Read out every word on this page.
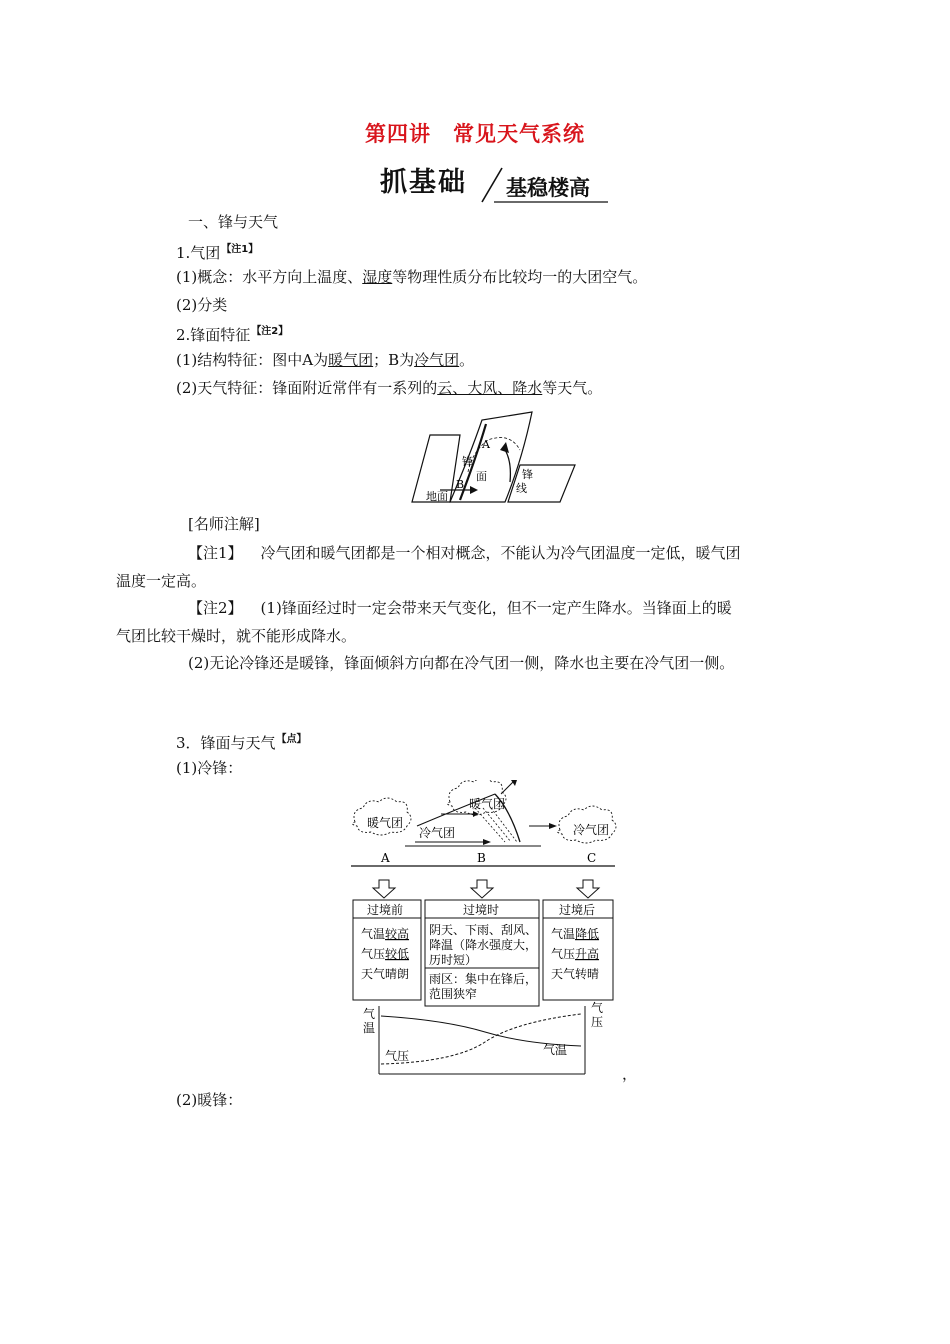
第四讲　常见天气系统
抓基础 基稳楼高
一、锋与天气
1.气团$^{【注1】}$
(1)概念：水平方向上温度、湿度等物理性质分布比较均一的大团空气。
(2)分类
2.锋面特征$^{【注2】}$
(1)结构特征：图中A为暖气团；B为冷气团。
(2)天气特征：锋面附近常伴有一系列的云、大风、降水等天气。
A
B
锋
面
地面
锋
线
[名师注解]
【注1】 冷气团和暖气团都是一个相对概念，不能认为冷气团温度一定低，暖气团
温度一定高。
【注2】 (1)锋面经过时一定会带来天气变化，但不一定产生降水。当锋面上的暖
气团比较干燥时，就不能形成降水。
(2)无论冷锋还是暖锋，锋面倾斜方向都在冷气团一侧，降水也主要在冷气团一侧。
3．锋面与天气$^{【点】}$
(1)冷锋：
暖气团
暖气团
冷气团
冷气团
A	B	C
过境前
气温较高
气压较低
天气晴朗
过境时
阴天、下雨、刮风、
降温（降水强度大，
历时短）
雨区：集中在锋后，
范围狭窄
过境后
气温降低
气压升高
天气转晴
气
温
气
压
气压	气温
，
(2)暖锋：
